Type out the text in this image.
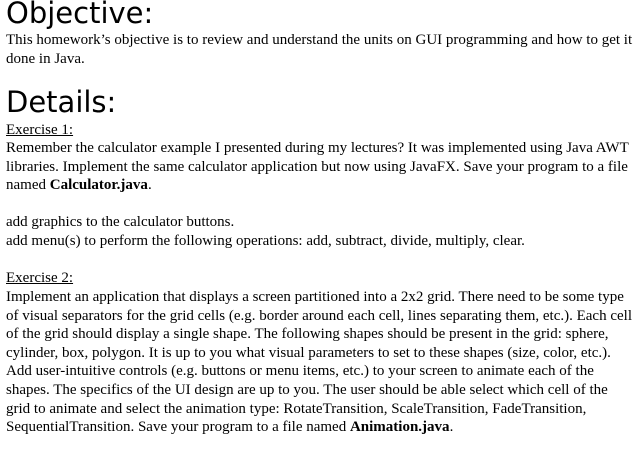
Objective:

This homework’s objective is to review and understand the units on GUI programming and how to get it done in Java.

Details:

Exercise 1:

Remember the calculator example I presented during my lectures? It was implemented using Java AWT libraries. Implement the same calculator application but now using JavaFX. Save your program to a file named Calculator.java.

add graphics to the calculator buttons.

add menu(s) to perform the following operations: add, subtract, divide, multiply, clear.

Exercise 2:

Implement an application that displays a screen partitioned into a 2x2 grid. There need to be some type of visual separators for the grid cells (e.g. border around each cell, lines separating them, etc.). Each cell of the grid should display a single shape. The following shapes should be present in the grid: sphere, cylinder, box, polygon. It is up to you what visual parameters to set to these shapes (size, color, etc.). Add user-intuitive controls (e.g. buttons or menu items, etc.) to your screen to animate each of the shapes. The specifics of the UI design are up to you. The user should be able select which cell of the grid to animate and select the animation type: RotateTransition, ScaleTransition, FadeTransition, SequentialTransition. Save your program to a file named Animation.java.
